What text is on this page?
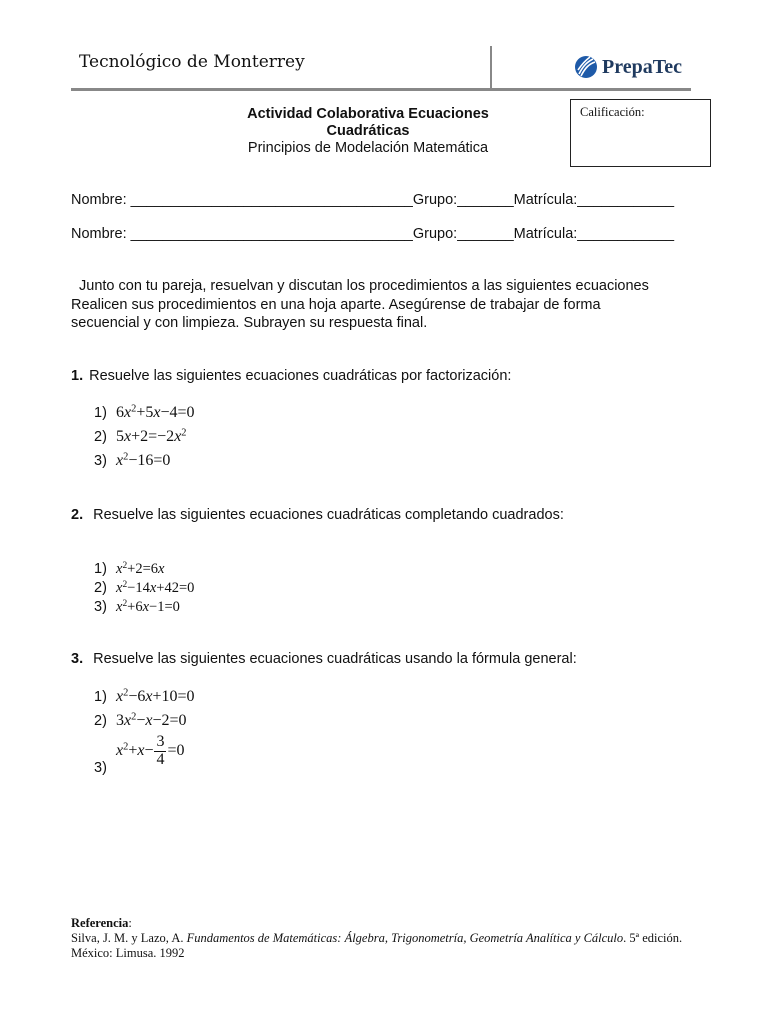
Tecnológico de Monterrey	PrepaTec
Actividad Colaborativa Ecuaciones
Cuadráticas
Principios de Modelación Matemática
Calificación:
Nombre: ___________________________________Grupo:_______Matrícula:____________
Nombre: ___________________________________Grupo:_______Matrícula:____________
Junto con tu pareja, resuelvan y discutan los procedimientos a las siguientes ecuaciones
Realicen sus procedimientos en una hoja aparte. Asegúrense de trabajar de forma
secuencial y con limpieza. Subrayen su respuesta final.
1. Resuelve las siguientes ecuaciones cuadráticas por factorización:
1) $6x^2+5x-4=0$
2) $5x+2=-2x^2$
3) $x^2-16=0$
2. Resuelve las siguientes ecuaciones cuadráticas completando cuadrados:
1) $x^2+2=6x$
2) $x^2-14x+42=0$
3) $x^2+6x-1=0$
3. Resuelve las siguientes ecuaciones cuadráticas usando la fórmula general:
1) $x^2-6x+10=0$
2) $3x^2-x-2=0$
3)
$x^2+x- \frac{3}{4} =0$
Referencia:
Silva, J. M. y Lazo, A. Fundamentos de Matemáticas: Álgebra, Trigonometría, Geometría Analítica y Cálculo. 5ª edición.
México: Limusa. 1992
